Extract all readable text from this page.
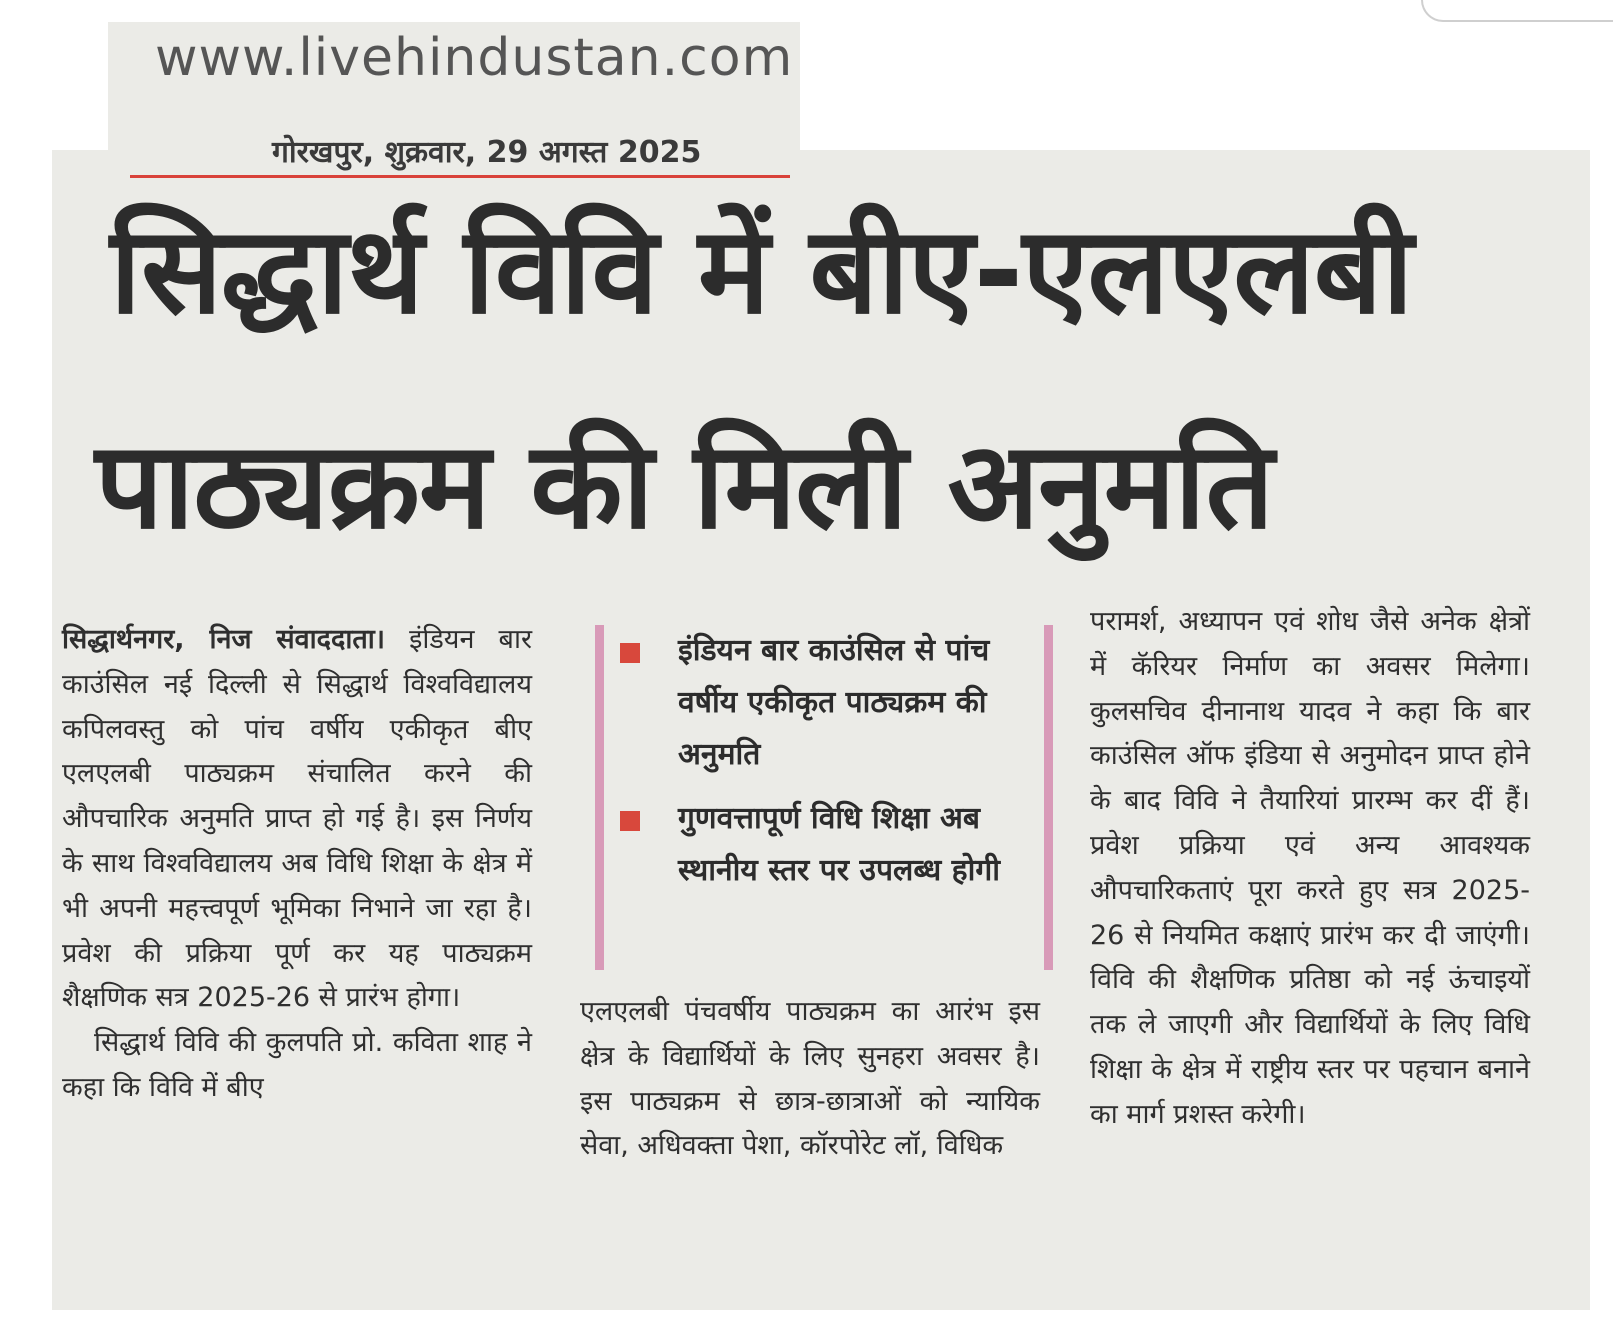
www.livehindustan.com
गोरखपुर, शुक्रवार, 29 अगस्त 2025
सिद्धार्थ विवि में बीए-एलएलबी
पाठ्यक्रम की मिली अनुमति
सिद्धार्थनगर, निज संवाददाता। इंडियन बार काउंसिल नई दिल्ली से सिद्धार्थ विश्वविद्यालय कपिलवस्तु को पांच वर्षीय एकीकृत बीए एलएलबी पाठ्यक्रम संचालित करने की औपचारिक अनुमति प्राप्त हो गई है। इस निर्णय के साथ विश्वविद्यालय अब विधि शिक्षा के क्षेत्र में भी अपनी महत्त्वपूर्ण भूमिका निभाने जा रहा है। प्रवेश की प्रक्रिया पूर्ण कर यह पाठ्यक्रम शैक्षणिक सत्र 2025-26 से प्रारंभ होगा।
सिद्धार्थ विवि की कुलपति प्रो. कविता शाह ने कहा कि विवि में बीए
इंडियन बार काउंसिल से पांच वर्षीय एकीकृत पाठ्यक्रम की अनुमति
गुणवत्तापूर्ण विधि शिक्षा अब स्थानीय स्तर पर उपलब्ध होगी
एलएलबी पंचवर्षीय पाठ्यक्रम का आरंभ इस क्षेत्र के विद्यार्थियों के लिए सुनहरा अवसर है। इस पाठ्यक्रम से छात्र-छात्राओं को न्यायिक सेवा, अधिवक्ता पेशा, कॉरपोरेट लॉ, विधिक
परामर्श, अध्यापन एवं शोध जैसे अनेक क्षेत्रों में कॅरियर निर्माण का अवसर मिलेगा। कुलसचिव दीनानाथ यादव ने कहा कि बार काउंसिल ऑफ इंडिया से अनुमोदन प्राप्त होने के बाद विवि ने तैयारियां प्रारम्भ कर दीं हैं। प्रवेश प्रक्रिया एवं अन्य आवश्यक औपचारिकताएं पूरा करते हुए सत्र 2025-26 से नियमित कक्षाएं प्रारंभ कर दी जाएंगी। विवि की शैक्षणिक प्रतिष्ठा को नई ऊंचाइयों तक ले जाएगी और विद्यार्थियों के लिए विधि शिक्षा के क्षेत्र में राष्ट्रीय स्तर पर पहचान बनाने का मार्ग प्रशस्त करेगी।
